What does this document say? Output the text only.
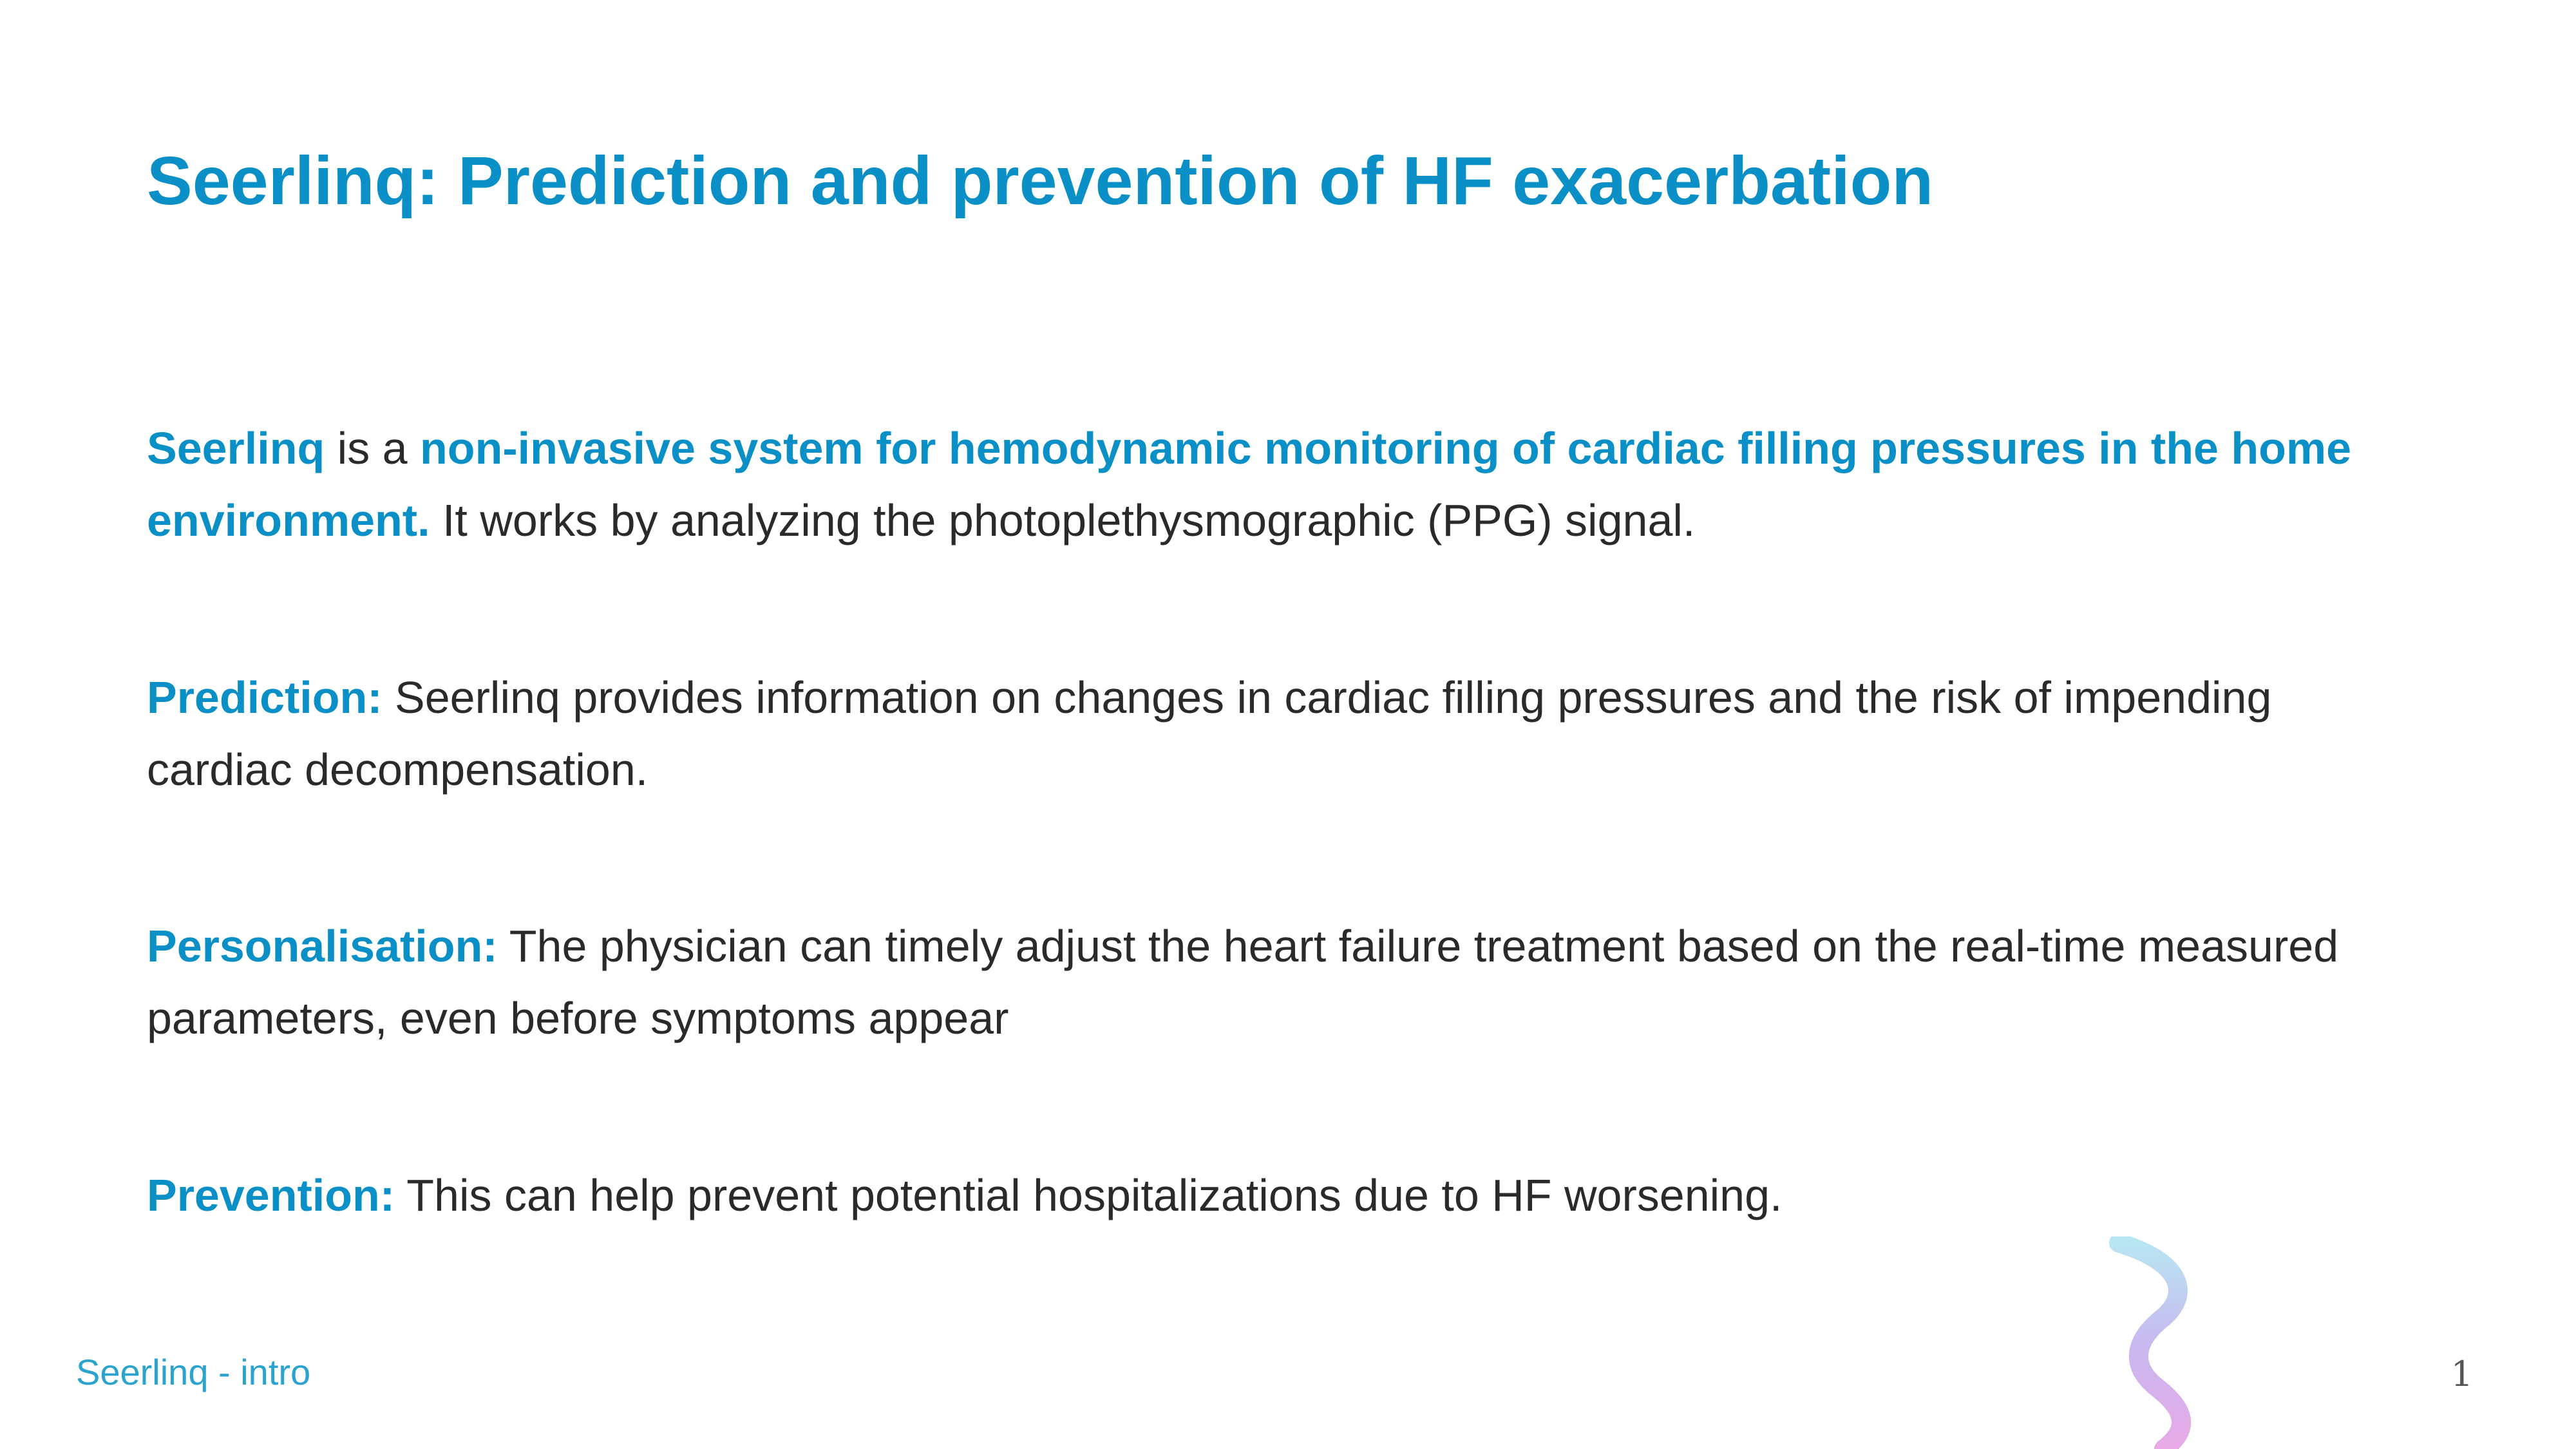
Seerlinq: Prediction and prevention of HF exacerbation

Seerlinq is a non-invasive system for hemodynamic monitoring of cardiac filling pressures in the home environment. It works by analyzing the photoplethysmographic (PPG) signal.

Prediction: Seerlinq provides information on changes in cardiac filling pressures and the risk of impending cardiac decompensation.

Personalisation: The physician can timely adjust the heart failure treatment based on the real-time measured parameters, even before symptoms appear

Prevention: This can help prevent potential hospitalizations due to HF worsening.

Seerlinq - intro	1
